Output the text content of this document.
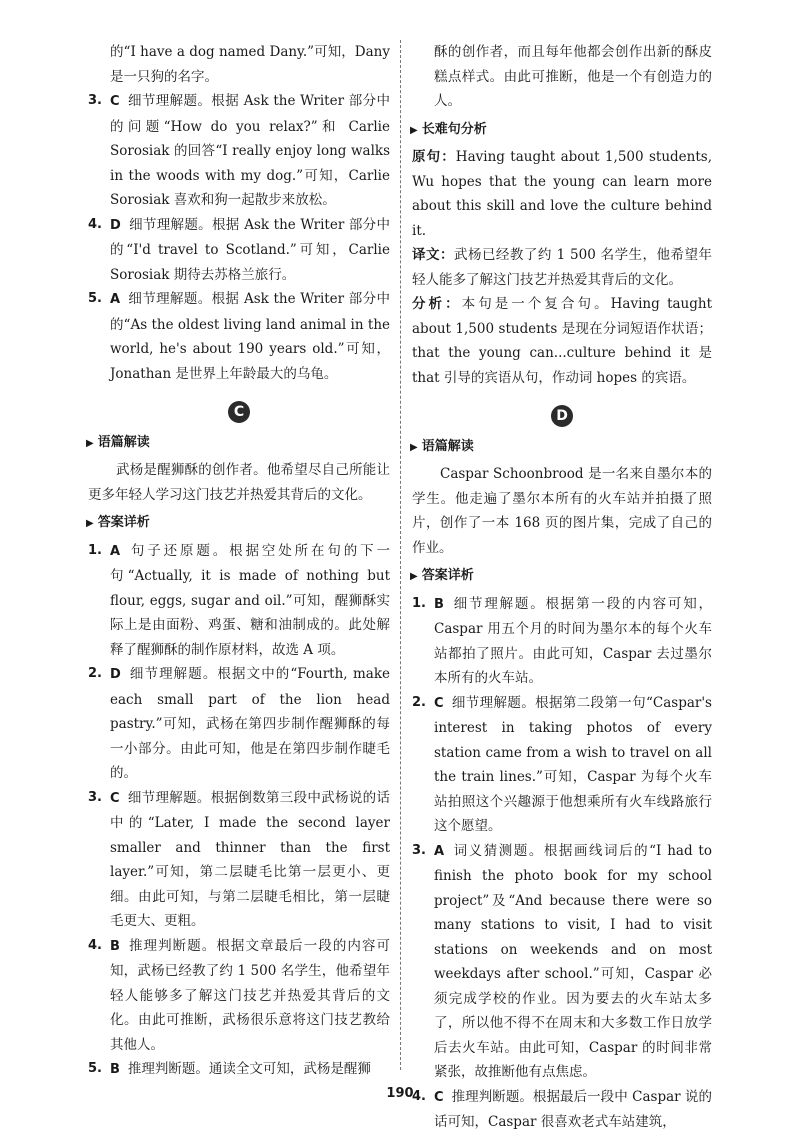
的“I have a dog named Dany.”可知，Dany 是一只狗的名字。
3. C 细节理解题。根据 Ask the Writer 部分中的问题“How do you relax?”和 Carlie Sorosiak 的回答“I really enjoy long walks in the woods with my dog.”可知，Carlie Sorosiak 喜欢和狗一起散步来放松。
4. D 细节理解题。根据 Ask the Writer 部分中的“I'd travel to Scotland.”可知，Carlie Sorosiak 期待去苏格兰旅行。
5. A 细节理解题。根据 Ask the Writer 部分中的“As the oldest living land animal in the world, he's about 190 years old.”可知，Jonathan 是世界上年龄最大的乌龟。
C
▶ 语篇解读
武杨是醒狮酥的创作者。他希望尽自己所能让更多年轻人学习这门技艺并热爱其背后的文化。
▶ 答案详析
1. A 句子还原题。根据空处所在句的下一句“Actually, it is made of nothing but flour, eggs, sugar and oil.”可知，醒狮酥实际上是由面粉、鸡蛋、糖和油制成的。此处解释了醒狮酥的制作原材料，故选 A 项。
2. D 细节理解题。根据文中的“Fourth, make each small part of the lion head pastry.”可知，武杨在第四步制作醒狮酥的每一小部分。由此可知，他是在第四步制作睫毛的。
3. C 细节理解题。根据倒数第三段中武杨说的话中的“Later, I made the second layer smaller and thinner than the first layer.”可知，第二层睫毛比第一层更小、更细。由此可知，与第二层睫毛相比，第一层睫毛更大、更粗。
4. B 推理判断题。根据文章最后一段的内容可知，武杨已经教了约 1 500 名学生，他希望年轻人能够多了解这门技艺并热爱其背后的文化。由此可推断，武杨很乐意将这门技艺教给其他人。
5. B 推理判断题。通读全文可知，武杨是醒狮
酥的创作者，而且每年他都会创作出新的酥皮糕点样式。由此可推断，他是一个有创造力的人。
▶ 长难句分析

原句：Having taught about 1,500 students, Wu hopes that the young can learn more about this skill and love the culture behind it.

译文：武杨已经教了约 1 500 名学生，他希望年轻人能多了解这门技艺并热爱其背后的文化。

分析：本句是一个复合句。Having taught about 1,500 students 是现在分词短语作状语；that the young can...culture behind it 是 that 引导的宾语从句，作动词 hopes 的宾语。

D
▶ 语篇解读
Caspar Schoonbrood 是一名来自墨尔本的学生。他走遍了墨尔本所有的火车站并拍摄了照片，创作了一本 168 页的图片集，完成了自己的作业。
▶ 答案详析
1. B 细节理解题。根据第一段的内容可知，Caspar 用五个月的时间为墨尔本的每个火车站都拍了照片。由此可知，Caspar 去过墨尔本所有的火车站。
2. C 细节理解题。根据第二段第一句“Caspar's interest in taking photos of every station came from a wish to travel on all the train lines.”可知，Caspar 为每个火车站拍照这个兴趣源于他想乘所有火车线路旅行这个愿望。
3. A 词义猜测题。根据画线词后的“I had to finish the photo book for my school project”及“And because there were so many stations to visit, I had to visit stations on weekends and on most weekdays after school.”可知，Caspar 必须完成学校的作业。因为要去的火车站太多了，所以他不得不在周末和大多数工作日放学后去火车站。由此可知，Caspar 的时间非常紧张，故推断他有点焦虑。
4. C 推理判断题。根据最后一段中 Caspar 说的话可知，Caspar 很喜欢老式车站建筑，
190
